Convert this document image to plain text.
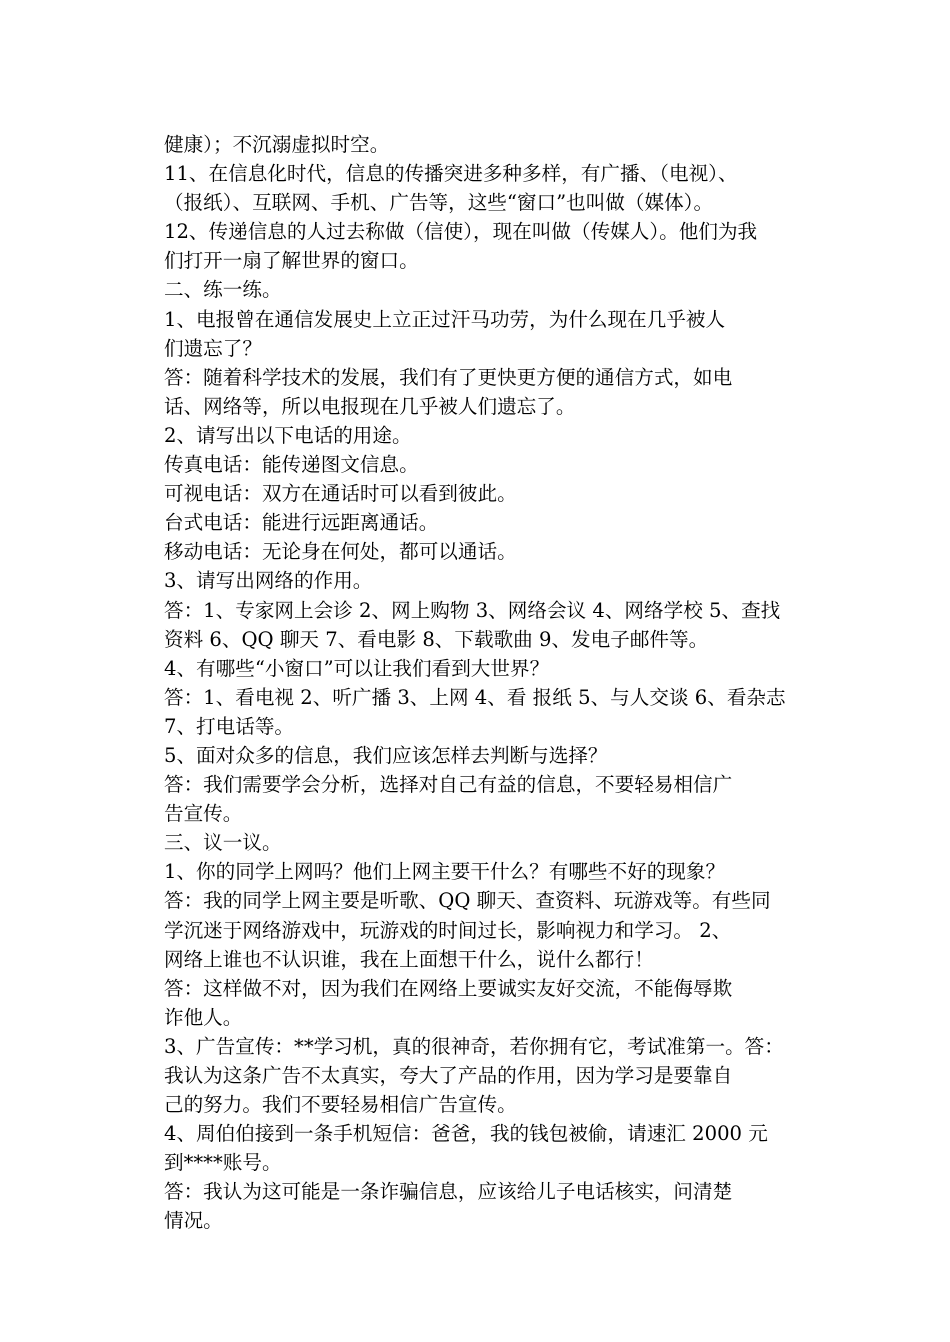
健康）；不沉溺虚拟时空。
11、在信息化时代，信息的传播突进多种多样，有广播、（电视）、
（报纸）、互联网、手机、广告等，这些“窗口”也叫做（媒体）。
12、传递信息的人过去称做（信使），现在叫做（传媒人）。他们为我
们打开一扇了解世界的窗口。
二、练一练。
1、电报曾在通信发展史上立正过汗马功劳，为什么现在几乎被人
们遗忘了？
答：随着科学技术的发展，我们有了更快更方便的通信方式，如电
话、网络等，所以电报现在几乎被人们遗忘了。
2、请写出以下电话的用途。
传真电话：能传递图文信息。
可视电话：双方在通话时可以看到彼此。
台式电话：能进行远距离通话。
移动电话：无论身在何处，都可以通话。
3、请写出网络的作用。
答：1、专家网上会诊 2、网上购物 3、网络会议 4、网络学校 5、查找
资料 6、QQ 聊天 7、看电影 8、下载歌曲 9、发电子邮件等。
4、有哪些“小窗口”可以让我们看到大世界？
答：1、看电视 2、听广播 3、上网 4、看 报纸 5、与人交谈 6、看杂志
7、打电话等。
5、面对众多的信息，我们应该怎样去判断与选择？
答：我们需要学会分析，选择对自己有益的信息，不要轻易相信广
告宣传。
三、议一议。
1、你的同学上网吗？他们上网主要干什么？有哪些不好的现象？
答：我的同学上网主要是听歌、QQ 聊天、查资料、玩游戏等。有些同
学沉迷于网络游戏中，玩游戏的时间过长，影响视力和学习。 2、
网络上谁也不认识谁，我在上面想干什么，说什么都行！
答：这样做不对，因为我们在网络上要诚实友好交流，不能侮辱欺
诈他人。
3、广告宣传：**学习机，真的很神奇，若你拥有它，考试准第一。答：
我认为这条广告不太真实，夸大了产品的作用，因为学习是要靠自
己的努力。我们不要轻易相信广告宣传。
4、周伯伯接到一条手机短信：爸爸，我的钱包被偷，请速汇 2000 元
到****账号。
答：我认为这可能是一条诈骗信息，应该给儿子电话核实，问清楚
情况。
